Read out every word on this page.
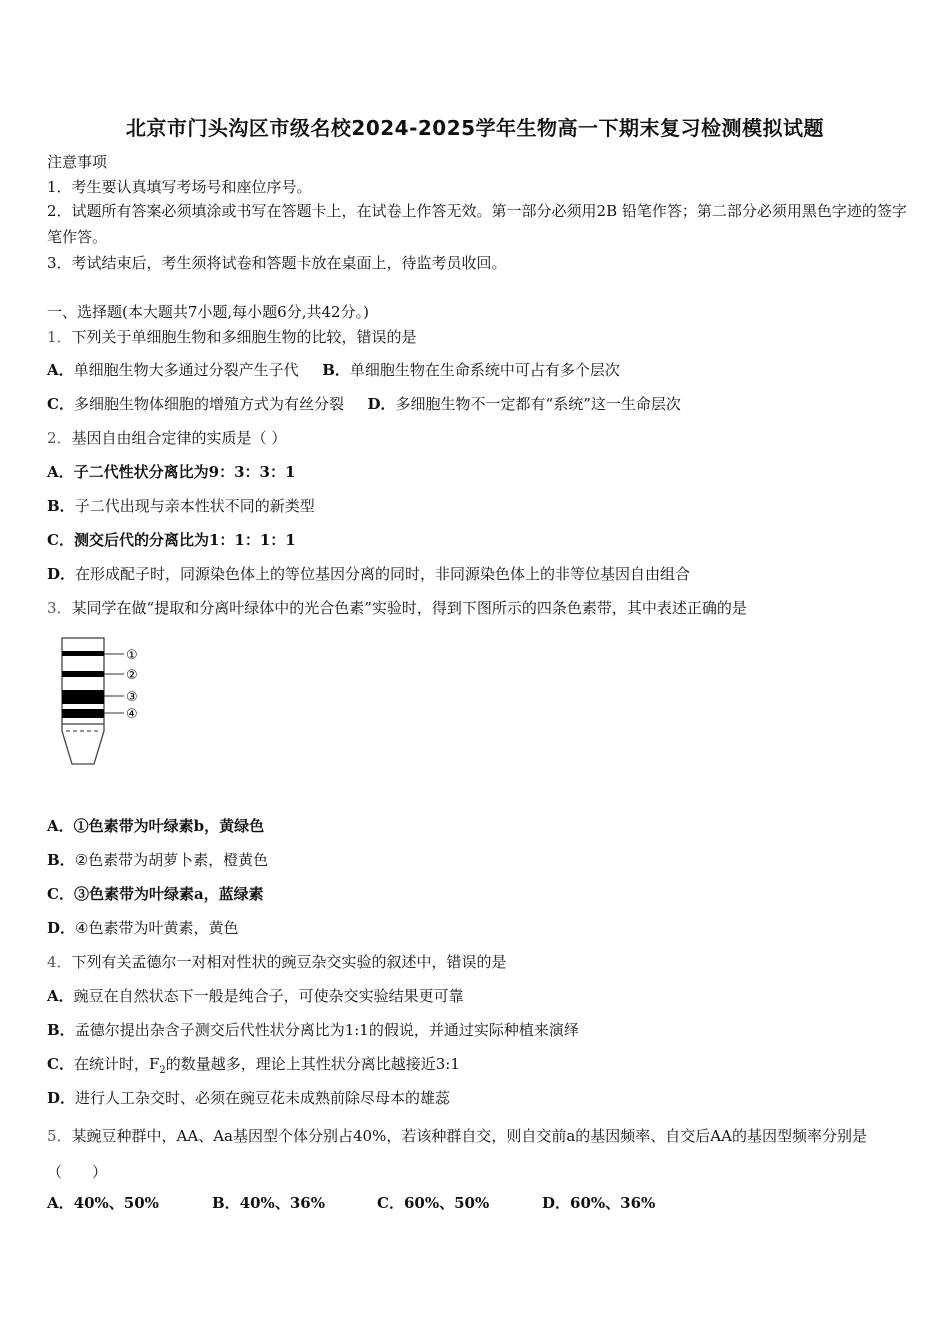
北京市门头沟区市级名校2024-2025学年生物高一下期末复习检测模拟试题
注意事项
1．考生要认真填写考场号和座位序号。
2．试题所有答案必须填涂或书写在答题卡上，在试卷上作答无效。第一部分必须用2B 铅笔作答；第二部分必须用黑色字迹的签字笔作答。
3．考试结束后，考生须将试卷和答题卡放在桌面上，待监考员收回。
一、选择题(本大题共7小题,每小题6分,共42分。)
1．下列关于单细胞生物和多细胞生物的比较，错误的是
A．单细胞生物大多通过分裂产生子代 B．单细胞生物在生命系统中可占有多个层次
C．多细胞生物体细胞的增殖方式为有丝分裂 D．多细胞生物不一定都有“系统”这一生命层次
2．基因自由组合定律的实质是（ ）
A．子二代性状分离比为9：3：3：1
B．子二代出现与亲本性状不同的新类型
C．测交后代的分离比为1：1：1：1
D．在形成配子时，同源染色体上的等位基因分离的同时，非同源染色体上的非等位基因自由组合
3．某同学在做“提取和分离叶绿体中的光合色素”实验时，得到下图所示的四条色素带，其中表述正确的是
①
②
③
④
A．①色素带为叶绿素b，黄绿色
B．②色素带为胡萝卜素，橙黄色
C．③色素带为叶绿素a，蓝绿素
D．④色素带为叶黄素，黄色
4．下列有关孟德尔一对相对性状的豌豆杂交实验的叙述中，错误的是
A．豌豆在自然状态下一般是纯合子，可使杂交实验结果更可靠
B．孟德尔提出杂含子测交后代性状分离比为1:1的假说，并通过实际种植来演绎
C．在统计时，$F_2$的数量越多，理论上其性状分离比越接近3:1
D．进行人工杂交时、必须在豌豆花未成熟前除尽母本的雄蕊
5．某豌豆种群中，AA、Aa基因型个体分别占40%，若该种群自交，则自交前a的基因频率、自交后AA的基因型频率分别是（　　）
A．40%、50%	B．40%、36%	C．60%、50%	D．60%、36%
